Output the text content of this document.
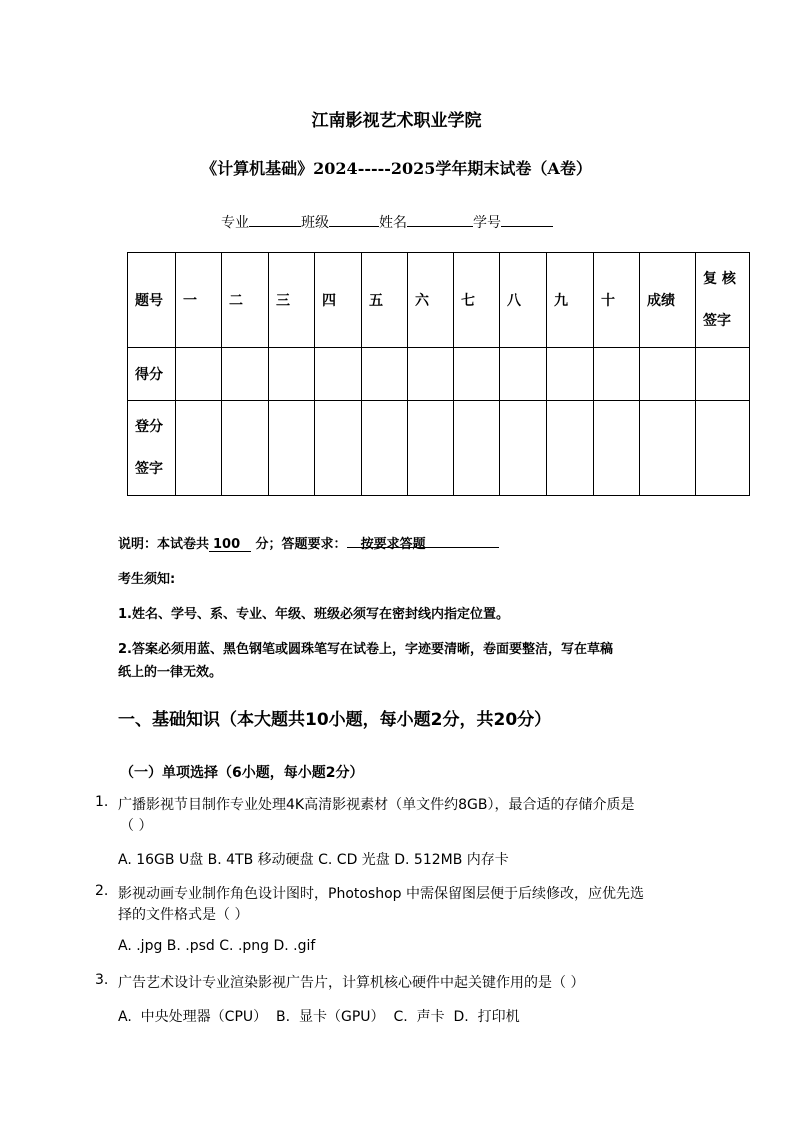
江南影视艺术职业学院
《计算机基础》2024-----2025学年期末试卷（A卷）
专业	班级	姓名	学号
题号	一	二	三	四	五	六	七	八	九	十	成绩	复 核 签字
得分												
登分 签字												
说明：本试卷共 100 分；答题要求： 按要求答题
考生须知:
1.姓名、学号、系、专业、年级、班级必须写在密封线内指定位置。
2.答案必须用蓝、黑色钢笔或圆珠笔写在试卷上，字迹要清晰，卷面要整洁，写在草稿
纸上的一律无效。
一、基础知识（本大题共10小题，每小题2分，共20分）
（一）单项选择（6小题，每小题2分）
1. 广播影视节目制作专业处理4K高清影视素材（单文件约8GB），最合适的存储介质是
（ ）
A. 16GB U盘 B. 4TB 移动硬盘 C. CD 光盘 D. 512MB 内存卡
2. 影视动画专业制作角色设计图时，Photoshop 中需保留图层便于后续修改，应优先选
择的文件格式是（ ）
A. .jpg B. .psd C. .png D. .gif
3. 广告艺术设计专业渲染影视广告片，计算机核心硬件中起关键作用的是（ ）
A.  中央处理器（CPU）  B.  显卡（GPU）  C.  声卡  D.  打印机
